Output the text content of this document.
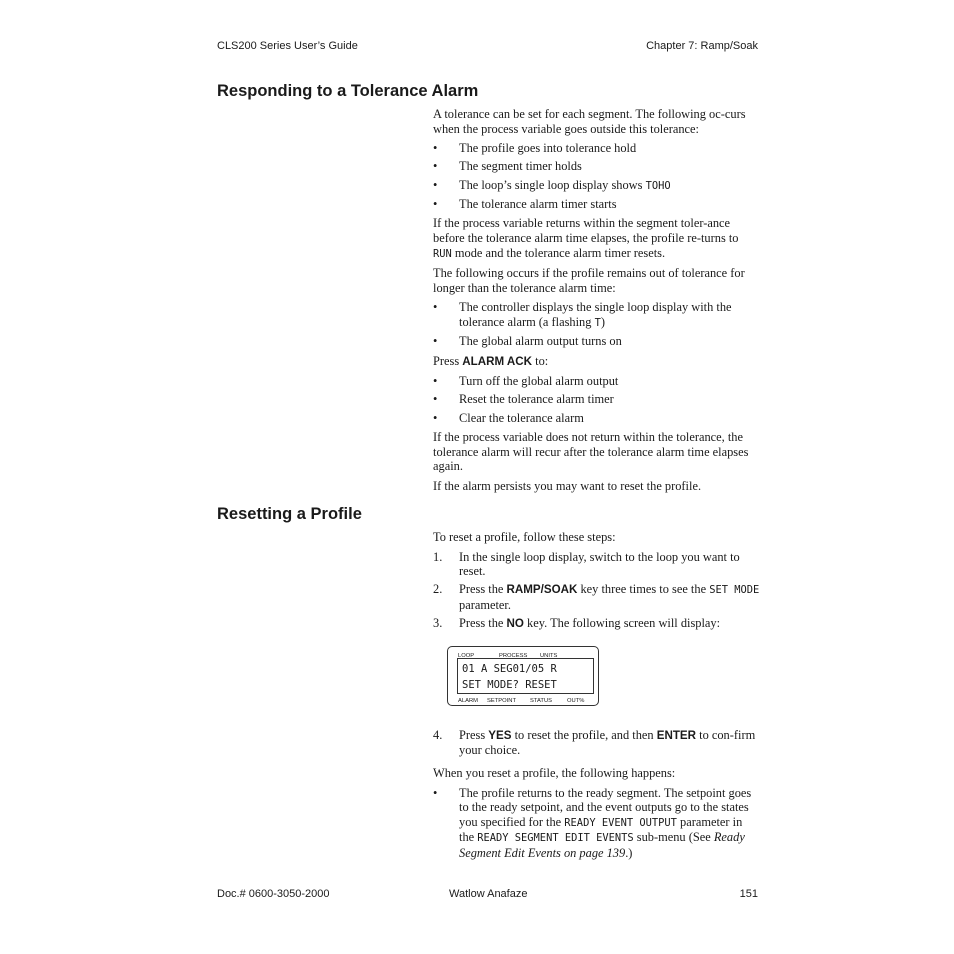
CLS200 Series User’s Guide	Chapter 7: Ramp/Soak
Responding to a Tolerance Alarm

A tolerance can be set for each segment. The following oc-curs when the process variable goes outside this tolerance:

• The profile goes into tolerance hold
• The segment timer holds
• The loop’s single loop display shows TOHO
• The tolerance alarm timer starts

If the process variable returns within the segment toler-ance before the tolerance alarm time elapses, the profile re-turns to RUN mode and the tolerance alarm timer resets.

The following occurs if the profile remains out of tolerance for longer than the tolerance alarm time:

• The controller displays the single loop display with the tolerance alarm (a flashing T)
• The global alarm output turns on

Press ALARM ACK to:

• Turn off the global alarm output
• Reset the tolerance alarm timer
• Clear the tolerance alarm

If the process variable does not return within the tolerance, the tolerance alarm will recur after the tolerance alarm time elapses again.

If the alarm persists you may want to reset the profile.

Resetting a Profile

To reset a profile, follow these steps:

1. In the single loop display, switch to the loop you want to reset.
2. Press the RAMP/SOAK key three times to see the SET MODE parameter.
3. Press the NO key. The following screen will display:
LOOP	PROCESS UNITS
01 A SEG01/05 R
SET MODE? RESET
ALARM SETPOINT STATUS	OUT%
4. Press YES to reset the profile, and then ENTER to con-firm your choice.

When you reset a profile, the following happens:

• The profile returns to the ready segment. The setpoint goes to the ready setpoint, and the event outputs go to the states you specified for the READY EVENT OUTPUT parameter in the READY SEGMENT EDIT EVENTS sub-menu (See Ready Segment Edit Events on page 139.)
Doc.# 0600-3050-2000	Watlow Anafaze	151
